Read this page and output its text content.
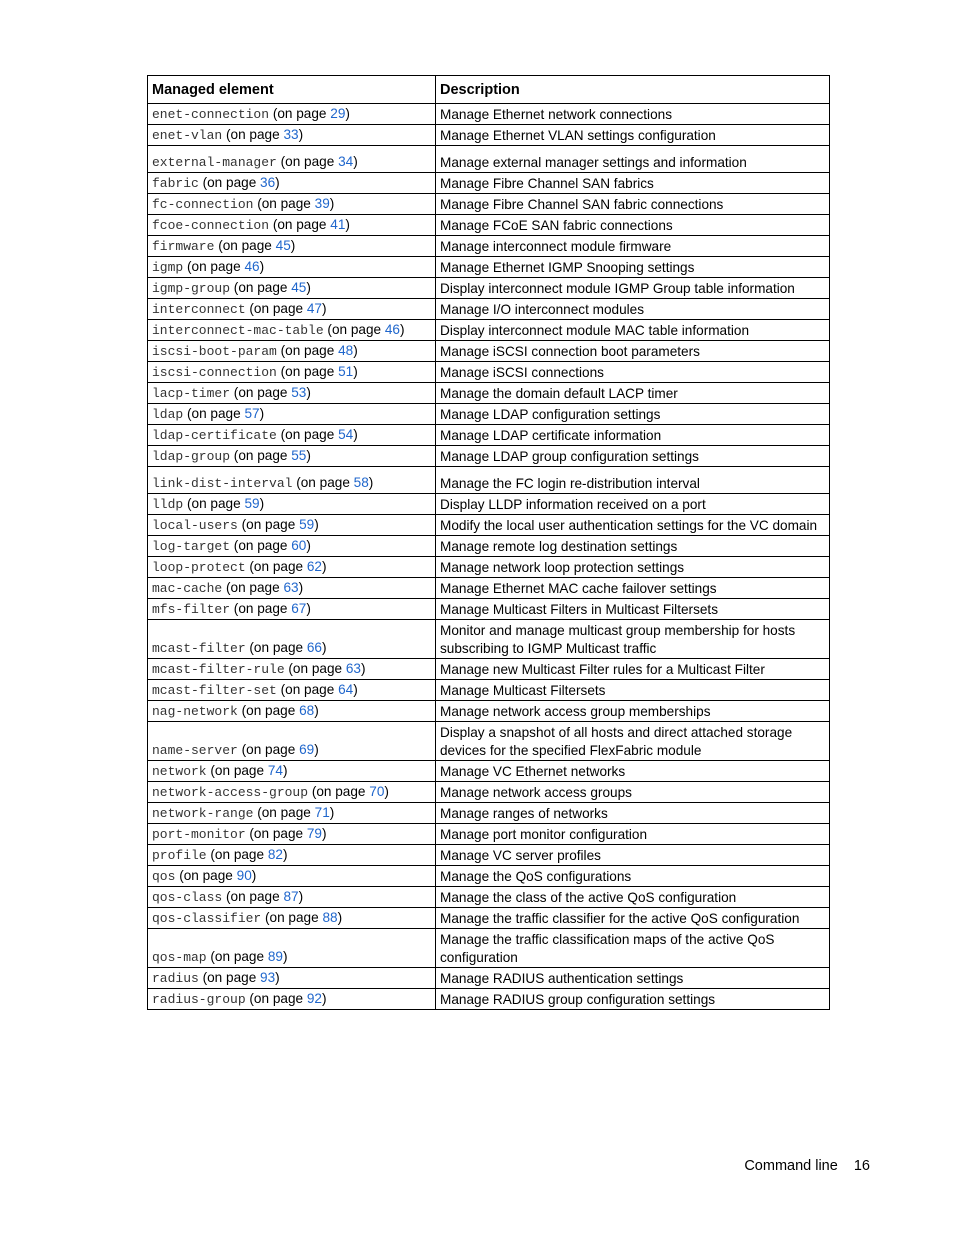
Managed element	Description
enet-connection (on page 29)	Manage Ethernet network connections
enet-vlan (on page 33)	Manage Ethernet VLAN settings configuration
external-manager (on page 34)	Manage external manager settings and information
fabric (on page 36)	Manage Fibre Channel SAN fabrics
fc-connection (on page 39)	Manage Fibre Channel SAN fabric connections
fcoe-connection (on page 41)	Manage FCoE SAN fabric connections
firmware (on page 45)	Manage interconnect module firmware
igmp (on page 46)	Manage Ethernet IGMP Snooping settings
igmp-group (on page 45)	Display interconnect module IGMP Group table information
interconnect (on page 47)	Manage I/O interconnect modules
interconnect-mac-table (on page 46)	Display interconnect module MAC table information
iscsi-boot-param (on page 48)	Manage iSCSI connection boot parameters
iscsi-connection (on page 51)	Manage iSCSI connections
lacp-timer (on page 53)	Manage the domain default LACP timer
ldap (on page 57)	Manage LDAP configuration settings
ldap-certificate (on page 54)	Manage LDAP certificate information
ldap-group (on page 55)	Manage LDAP group configuration settings
link-dist-interval (on page 58)	Manage the FC login re-distribution interval
lldp (on page 59)	Display LLDP information received on a port
local-users (on page 59)	Modify the local user authentication settings for the VC domain
log-target (on page 60)	Manage remote log destination settings
loop-protect (on page 62)	Manage network loop protection settings
mac-cache (on page 63)	Manage Ethernet MAC cache failover settings
mfs-filter (on page 67)	Manage Multicast Filters in Multicast Filtersets
mcast-filter (on page 66)	Monitor and manage multicast group membership for hosts subscribing to IGMP Multicast traffic
mcast-filter-rule (on page 63)	Manage new Multicast Filter rules for a Multicast Filter
mcast-filter-set (on page 64)	Manage Multicast Filtersets
nag-network (on page 68)	Manage network access group memberships
name-server (on page 69)	Display a snapshot of all hosts and direct attached storage devices for the specified FlexFabric module
network (on page 74)	Manage VC Ethernet networks
network-access-group (on page 70)	Manage network access groups
network-range (on page 71)	Manage ranges of networks
port-monitor (on page 79)	Manage port monitor configuration
profile (on page 82)	Manage VC server profiles
qos (on page 90)	Manage the QoS configurations
qos-class (on page 87)	Manage the class of the active QoS configuration
qos-classifier (on page 88)	Manage the traffic classifier for the active QoS configuration
qos-map (on page 89)	Manage the traffic classification maps of the active QoS configuration
radius (on page 93)	Manage RADIUS authentication settings
radius-group (on page 92)	Manage RADIUS group configuration settings
Command line 16
